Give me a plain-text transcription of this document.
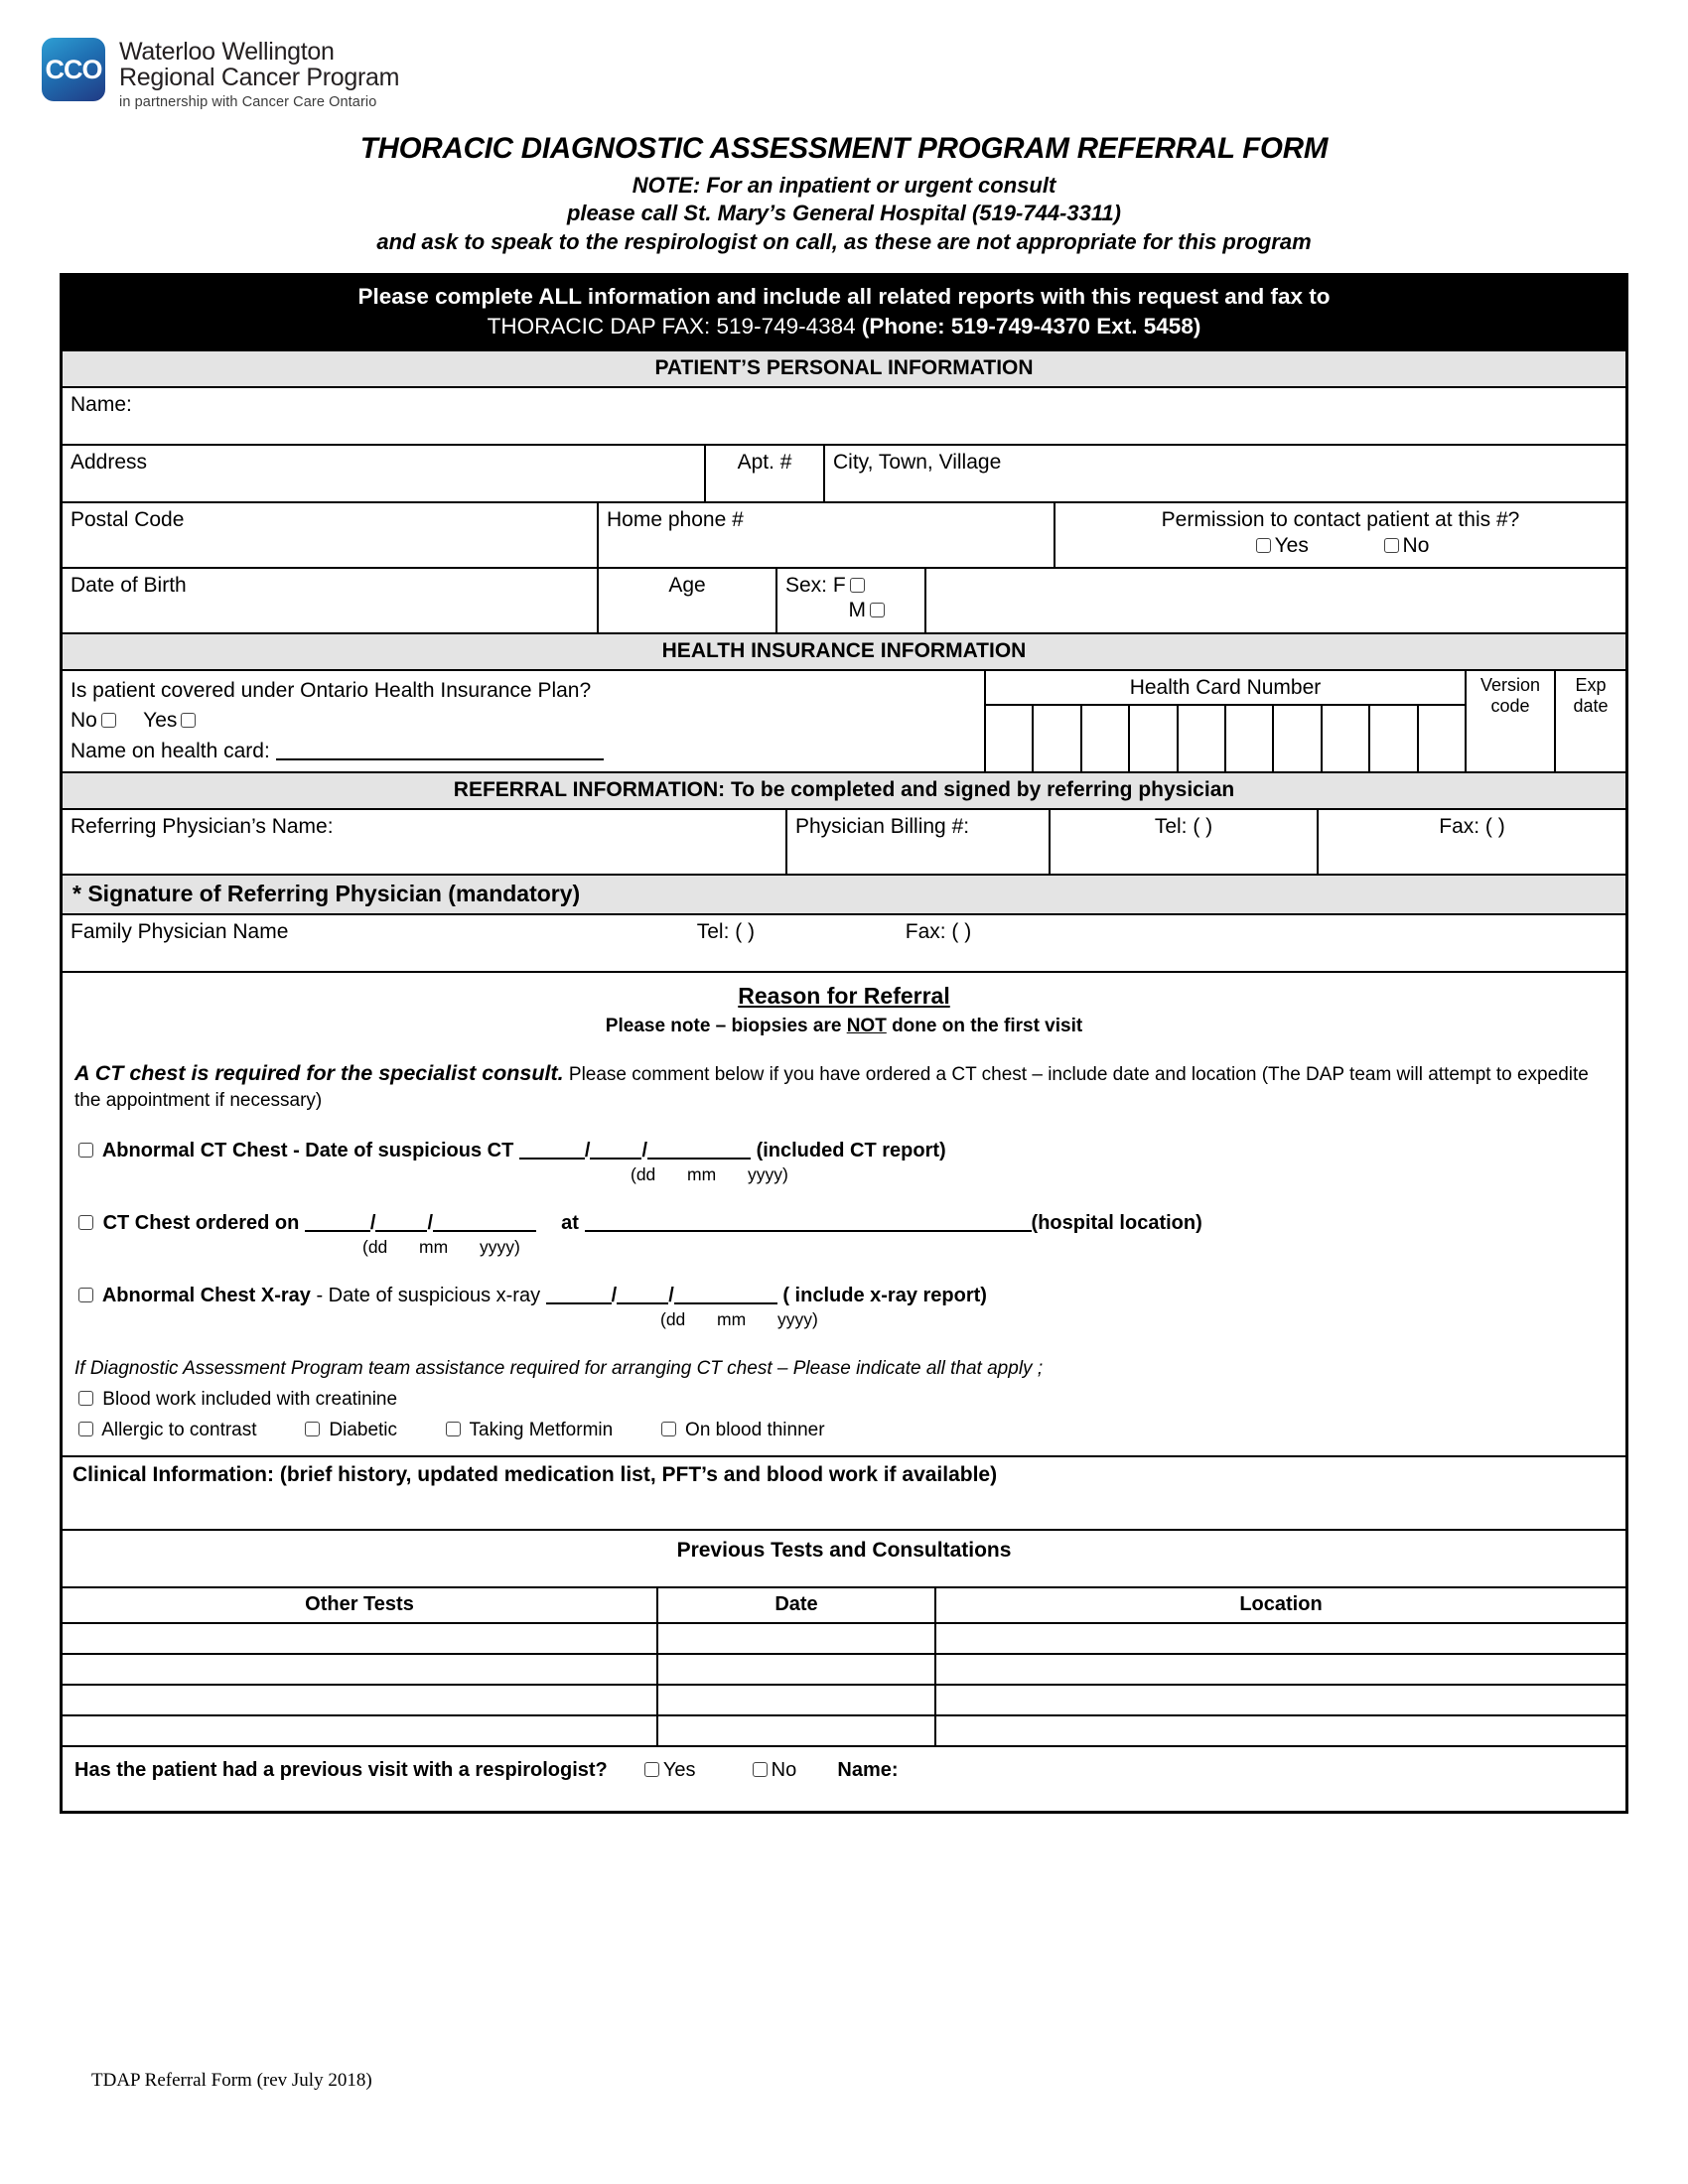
CCO
Waterloo Wellington
Regional Cancer Program
in partnership with Cancer Care Ontario
THORACIC DIAGNOSTIC ASSESSMENT PROGRAM REFERRAL FORM
NOTE: For an inpatient or urgent consult
please call St. Mary’s General Hospital (519-744-3311)
and ask to speak to the respirologist on call, as these are not appropriate for this program
Please complete ALL information and include all related reports with this request and fax to
THORACIC DAP FAX: 519-749-4384 (Phone: 519-749-4370 Ext. 5458)
PATIENT’S PERSONAL INFORMATION
Name:
Address	Apt. #	City, Town, Village
Postal Code	Home phone #	Permission to contact patient at this #?
Yes	No
Date of Birth	Age	Sex: F
M
HEALTH INSURANCE INFORMATION
Is patient covered under Ontario Health Insurance Plan?
No Yes
Name on health card:
Health Card Number	Version code
Exp date
REFERRAL INFORMATION: To be completed and signed by referring physician
Referring Physician’s Name:	Physician Billing #:	Tel: ( )	Fax: ( )
* Signature of Referring Physician (mandatory)
Family Physician Name	Tel: ( )	Fax: ( )
Reason for Referral
Please note – biopsies are NOT done on the first visit
A CT chest is required for the specialist consult. Please comment below if you have ordered a CT chest – include date and location (The DAP team will attempt to expedite the appointment if necessary)
Abnormal CT Chest - Date of suspicious CT	/	/	(included CT report)
(dd mm yyyy)
CT Chest ordered on	/	/	at	(hospital location)
(dd mm yyyy)
Abnormal Chest X-ray - Date of suspicious x-ray	/	/	( include x-ray report)
(dd mm yyyy)
If Diagnostic Assessment Program team assistance required for arranging CT chest – Please indicate all that apply ;
Blood work included with creatinine
Allergic to contrast	Diabetic	Taking Metformin	On blood thinner
Clinical Information: (brief history, updated medication list, PFT’s and blood work if available)
Previous Tests and Consultations
Other Tests	Date	Location
Has the patient had a previous visit with a respirologist?	Yes	No Name:
TDAP Referral Form (rev July 2018)
